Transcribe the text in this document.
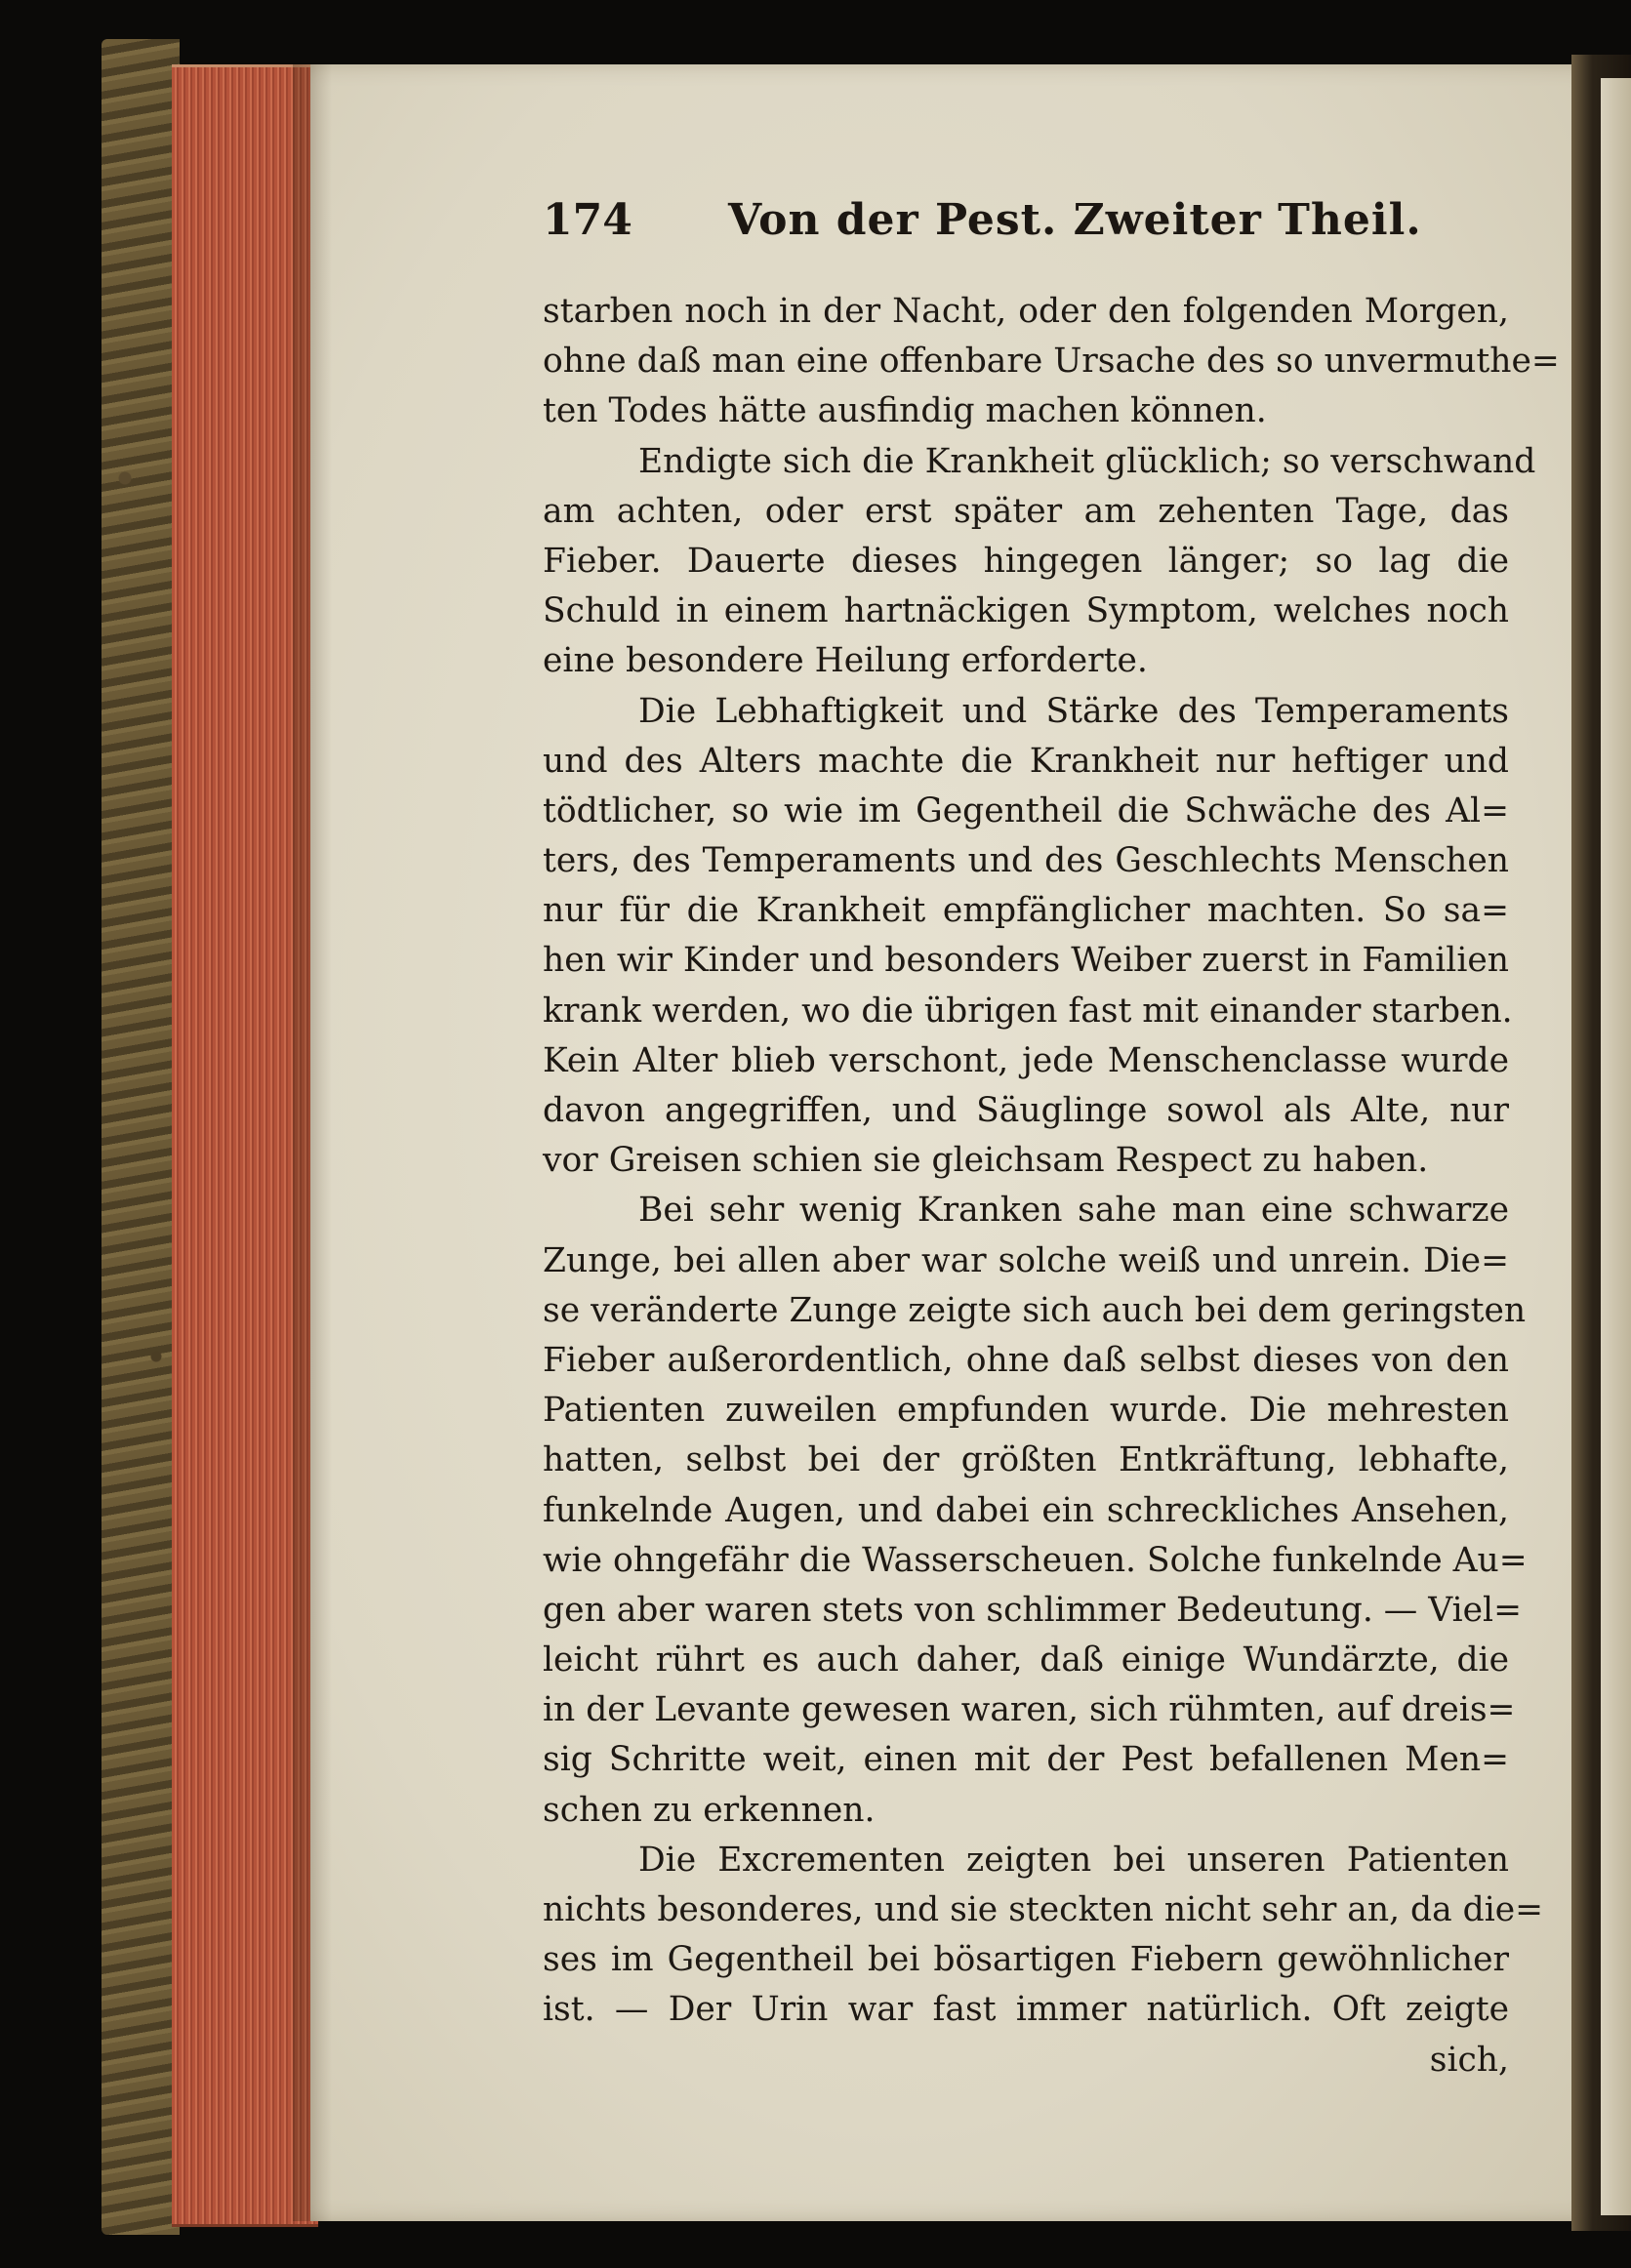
174 Von der Pest. Zweiter Theil.
starben noch in der Nacht, oder den folgenden Morgen,
ohne daß man eine offenbare Ursache des so unvermuthe=
ten Todes hätte ausfindig machen können.
Endigte sich die Krankheit glücklich; so verschwand
am achten, oder erst später am zehenten Tage, das
Fieber. Dauerte dieses hingegen länger; so lag die
Schuld in einem hartnäckigen Symptom, welches noch
eine besondere Heilung erforderte.
Die Lebhaftigkeit und Stärke des Temperaments
und des Alters machte die Krankheit nur heftiger und
tödtlicher, so wie im Gegentheil die Schwäche des Al=
ters, des Temperaments und des Geschlechts Menschen
nur für die Krankheit empfänglicher machten. So sa=
hen wir Kinder und besonders Weiber zuerst in Familien
krank werden, wo die übrigen fast mit einander starben.
Kein Alter blieb verschont, jede Menschenclasse wurde
davon angegriffen, und Säuglinge sowol als Alte, nur
vor Greisen schien sie gleichsam Respect zu haben.
Bei sehr wenig Kranken sahe man eine schwarze
Zunge, bei allen aber war solche weiß und unrein. Die=
se veränderte Zunge zeigte sich auch bei dem geringsten
Fieber außerordentlich, ohne daß selbst dieses von den
Patienten zuweilen empfunden wurde. Die mehresten
hatten, selbst bei der größten Entkräftung, lebhafte,
funkelnde Augen, und dabei ein schreckliches Ansehen,
wie ohngefähr die Wasserscheuen. Solche funkelnde Au=
gen aber waren stets von schlimmer Bedeutung. — Viel=
leicht rührt es auch daher, daß einige Wundärzte, die
in der Levante gewesen waren, sich rühmten, auf dreis=
sig Schritte weit, einen mit der Pest befallenen Men=
schen zu erkennen.
Die Excrementen zeigten bei unseren Patienten
nichts besonderes, und sie steckten nicht sehr an, da die=
ses im Gegentheil bei bösartigen Fiebern gewöhnlicher
ist. — Der Urin war fast immer natürlich. Oft zeigte
sich,
